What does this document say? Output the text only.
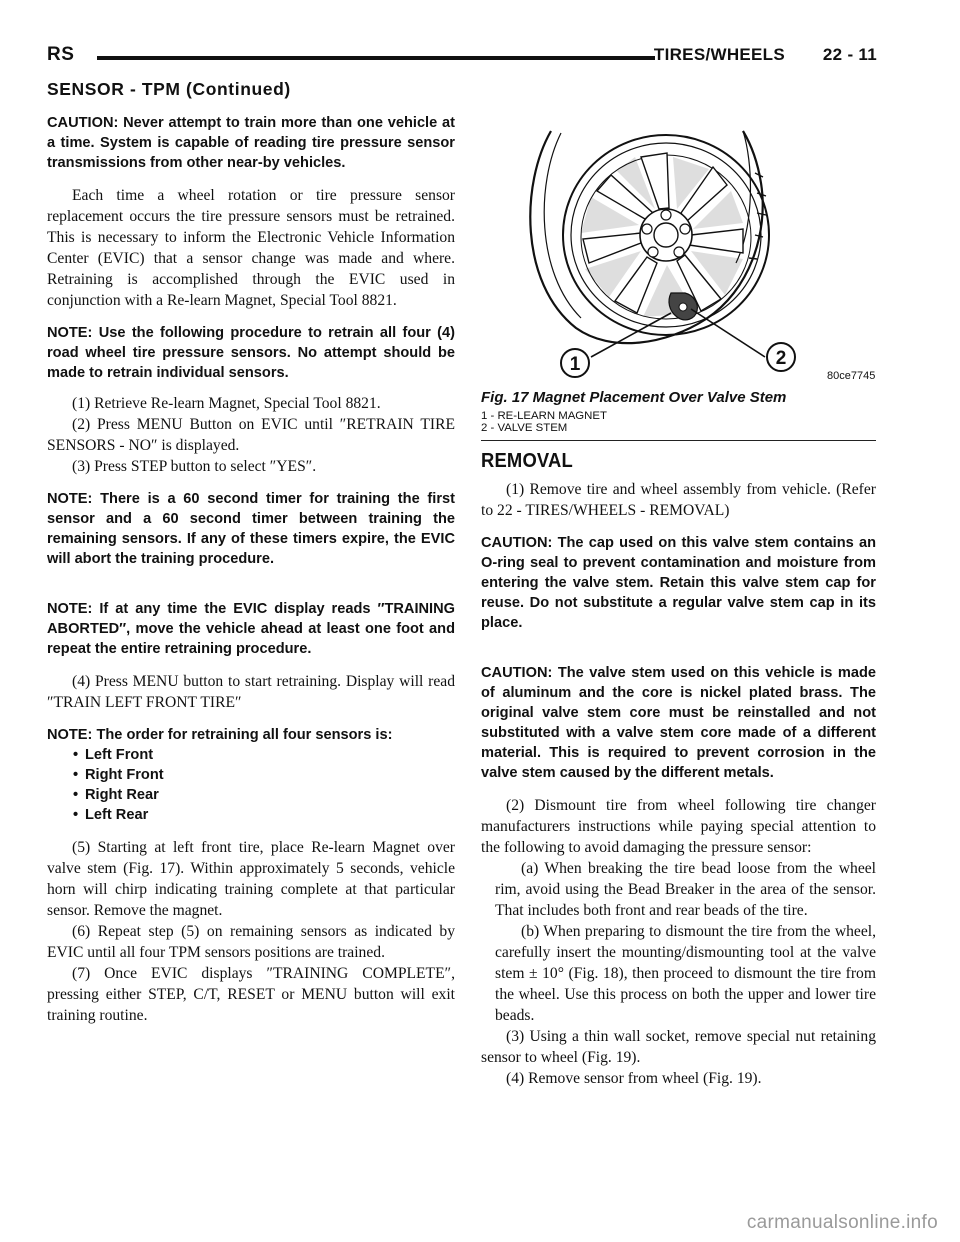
RS	TIRES/WHEELS 22 - 11
SENSOR - TPM (Continued)

CAUTION: Never attempt to train more than one vehicle at a time. System is capable of reading tire pressure sensor transmissions from other near-by vehicles.

Each time a wheel rotation or tire pressure sensor replacement occurs the tire pressure sensors must be retrained. This is necessary to inform the Electronic Vehicle Information Center (EVIC) that a sensor change was made and where. Retraining is accomplished through the EVIC used in conjunction with a Re-learn Magnet, Special Tool 8821.

NOTE: Use the following procedure to retrain all four (4) road wheel tire pressure sensors. No attempt should be made to retrain individual sensors.

(1) Retrieve Re-learn Magnet, Special Tool 8821.

(2) Press MENU Button on EVIC until ″RETRAIN TIRE SENSORS - NO″ is displayed.

(3) Press STEP button to select ″YES″.

NOTE: There is a 60 second timer for training the first sensor and a 60 second timer between training the remaining sensors. If any of these timers expire, the EVIC will abort the training procedure.

NOTE: If at any time the EVIC display reads ″TRAINING ABORTED″, move the vehicle ahead at least one foot and repeat the entire retraining procedure.

(4) Press MENU button to start retraining. Display will read ″TRAIN LEFT FRONT TIRE″

NOTE: The order for retraining all four sensors is:

• Left Front
• Right Front
• Right Rear
• Left Rear

(5) Starting at left front tire, place Re-learn Magnet over valve stem (Fig. 17). Within approximately 5 seconds, vehicle horn will chirp indicating training complete at that particular sensor. Remove the magnet.

(6) Repeat step (5) on remaining sensors as indicated by EVIC until all four TPM sensors positions are trained.

(7) Once EVIC displays ″TRAINING COMPLETE″, pressing either STEP, C/T, RESET or MENU button will exit training routine.

1	2
80ce7745
Fig. 17 Magnet Placement Over Valve Stem
1 - RE-LEARN MAGNET
2 - VALVE STEM
REMOVAL

(1) Remove tire and wheel assembly from vehicle. (Refer to 22 - TIRES/WHEELS - REMOVAL)

CAUTION: The cap used on this valve stem contains an O-ring seal to prevent contamination and moisture from entering the valve stem. Retain this valve stem cap for reuse. Do not substitute a regular valve stem cap in its place.

CAUTION: The valve stem used on this vehicle is made of aluminum and the core is nickel plated brass. The original valve stem core must be reinstalled and not substituted with a valve stem core made of a different material. This is required to prevent corrosion in the valve stem caused by the different metals.

(2) Dismount tire from wheel following tire changer manufacturers instructions while paying special attention to the following to avoid damaging the pressure sensor:

(a) When breaking the tire bead loose from the wheel rim, avoid using the Bead Breaker in the area of the sensor. That includes both front and rear beads of the tire.

(b) When preparing to dismount the tire from the wheel, carefully insert the mounting/dismounting tool at the valve stem ± 10° (Fig. 18), then proceed to dismount the tire from the wheel. Use this process on both the upper and lower tire beads.

(3) Using a thin wall socket, remove special nut retaining sensor to wheel (Fig. 19).

(4) Remove sensor from wheel (Fig. 19).

carmanualsonline.info
